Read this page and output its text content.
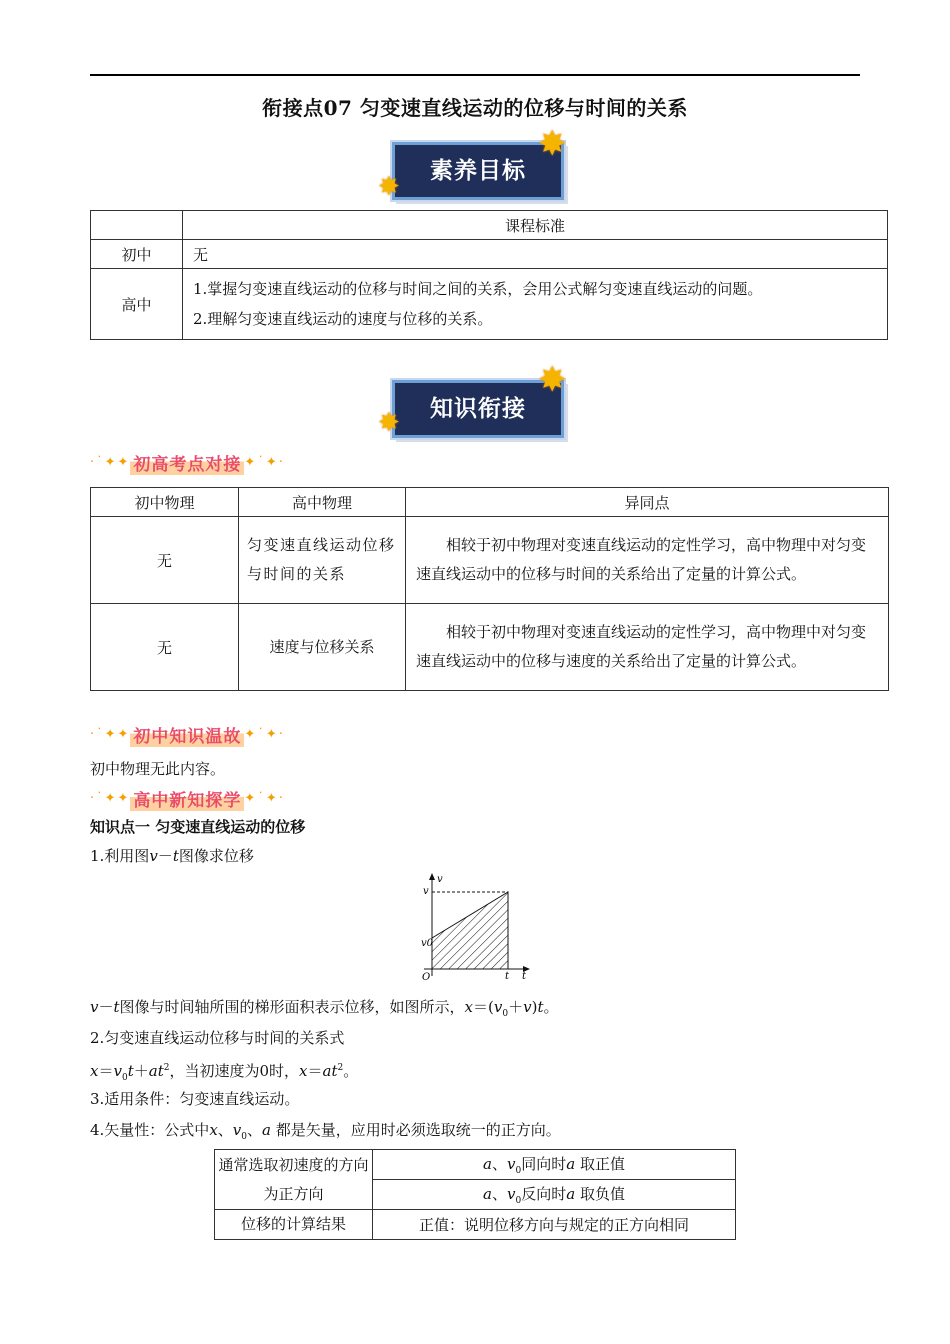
衔接点07 匀变速直线运动的位移与时间的关系
素养目标
✸
✸
	课程标准
初中	无
高中	1.掌握匀变速直线运动的位移与时间之间的关系，会用公式解匀变速直线运动的问题。
2.理解匀变速直线运动的速度与位移的关系。
知识衔接
✸
✸
·˙✦✦ 初高考点对接 ✦˙✦·
初中物理	高中物理	异同点
无	匀变速直线运动位移与时间的关系	相较于初中物理对变速直线运动的定性学习，高中物理中对匀变速直线运动中的位移与时间的关系给出了定量的计算公式。
无	速度与位移关系	相较于初中物理对变速直线运动的定性学习，高中物理中对匀变速直线运动中的位移与速度的关系给出了定量的计算公式。
·˙✦✦ 初中知识温故 ✦˙✦·
初中物理无此内容。
·˙✦✦ 高中新知探学 ✦˙✦·
知识点一 匀变速直线运动的位移
1.利用图v－t图像求位移
v
v
v0
O	t t
v－t图像与时间轴所围的梯形面积表示位移，如图所示，$x=(v_0+v)t$。
2.匀变速直线运动位移与时间的关系式
$x=v_0t+at^2$，当初速度为0时，$x=at^2$。
3.适用条件：匀变速直线运动。
4.矢量性：公式中x、$v_0$、a 都是矢量，应用时必须选取统一的正方向。
通常选取初速度的方向为正方向	a、$v_0$同向时a 取正值
	a、$v_0$反向时a 取负值
位移的计算结果	正值：说明位移方向与规定的正方向相同
